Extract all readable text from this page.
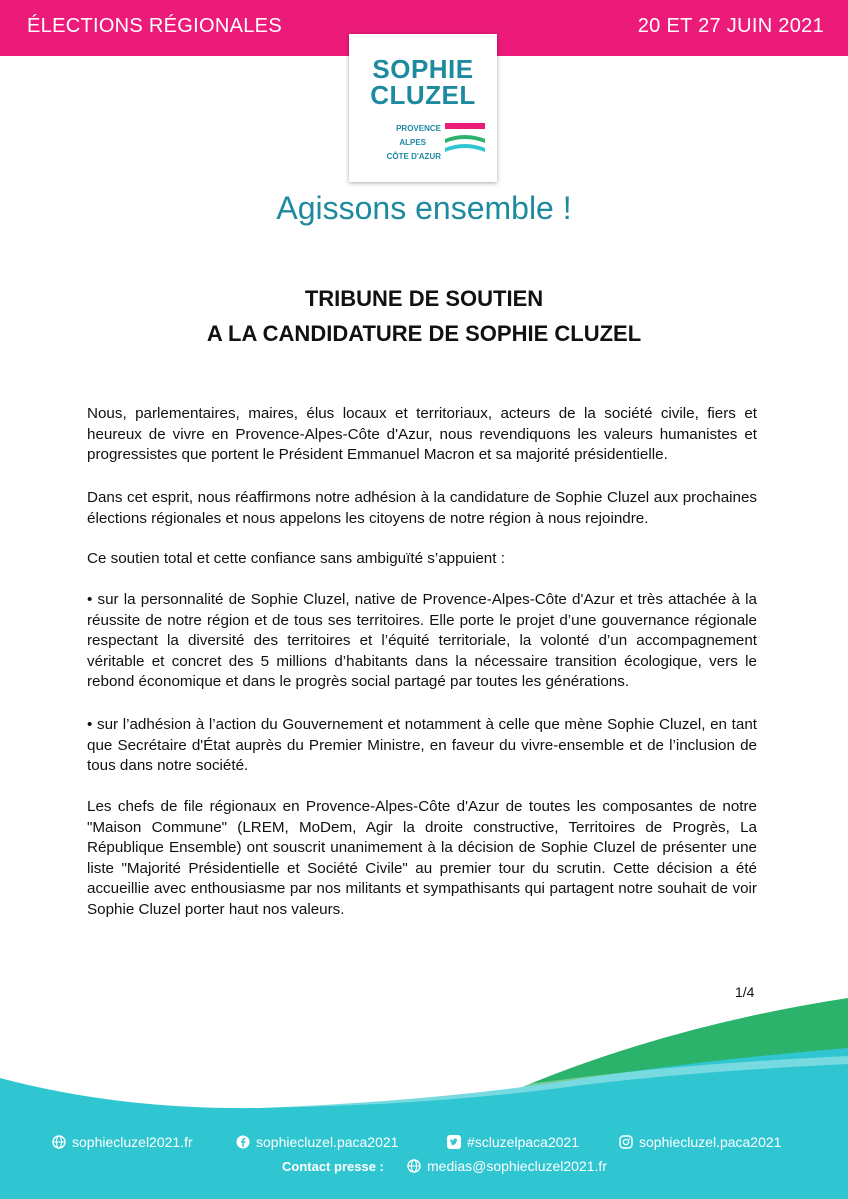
ÉLECTIONS RÉGIONALES	20 ET 27 JUIN 2021
SOPHIE
CLUZEL
PROVENCE
ALPES
CÔTE D'AZUR
Agissons ensemble !
TRIBUNE DE SOUTIEN
A LA CANDIDATURE DE SOPHIE CLUZEL
Nous, parlementaires, maires, élus locaux et territoriaux, acteurs de la société civile, fiers et heureux de vivre en Provence-Alpes-Côte d'Azur, nous revendiquons les valeurs humanistes et progressistes que portent le Président Emmanuel Macron et sa majorité présidentielle.
Dans cet esprit, nous réaffirmons notre adhésion à la candidature de Sophie Cluzel aux prochaines élections régionales et nous appelons les citoyens de notre région à nous rejoindre.
Ce soutien total et cette confiance sans ambiguïté s’appuient :
• sur la personnalité de Sophie Cluzel, native de Provence-Alpes-Côte d'Azur et très attachée à la réussite de notre région et de tous ses territoires. Elle porte le projet d’une gouvernance régionale respectant la diversité des territoires et l’équité territoriale, la volonté d’un accompagnement véritable et concret des 5 millions d’habitants dans la nécessaire transition écologique, vers le rebond économique et dans le progrès social partagé par toutes les générations.
• sur l’adhésion à l’action du Gouvernement et notamment à celle que mène Sophie Cluzel, en tant que Secrétaire d'État auprès du Premier Ministre, en faveur du vivre-ensemble et de l’inclusion de tous dans notre société.
Les chefs de file régionaux en Provence-Alpes-Côte d'Azur de toutes les composantes de notre "Maison Commune" (LREM, MoDem, Agir la droite constructive, Territoires de Progrès, La République Ensemble) ont souscrit unanimement à la décision de Sophie Cluzel de présenter une liste "Majorité Présidentielle et Société Civile" au premier tour du scrutin. Cette décision a été accueillie avec enthousiasme par nos militants et sympathisants qui partagent notre souhait de voir Sophie Cluzel porter haut nos valeurs.
1/4
sophiecluzel2021.fr	sophiecluzel.paca2021	#scluzelpaca2021	sophiecluzel.paca2021
Contact presse :	medias@sophiecluzel2021.fr
